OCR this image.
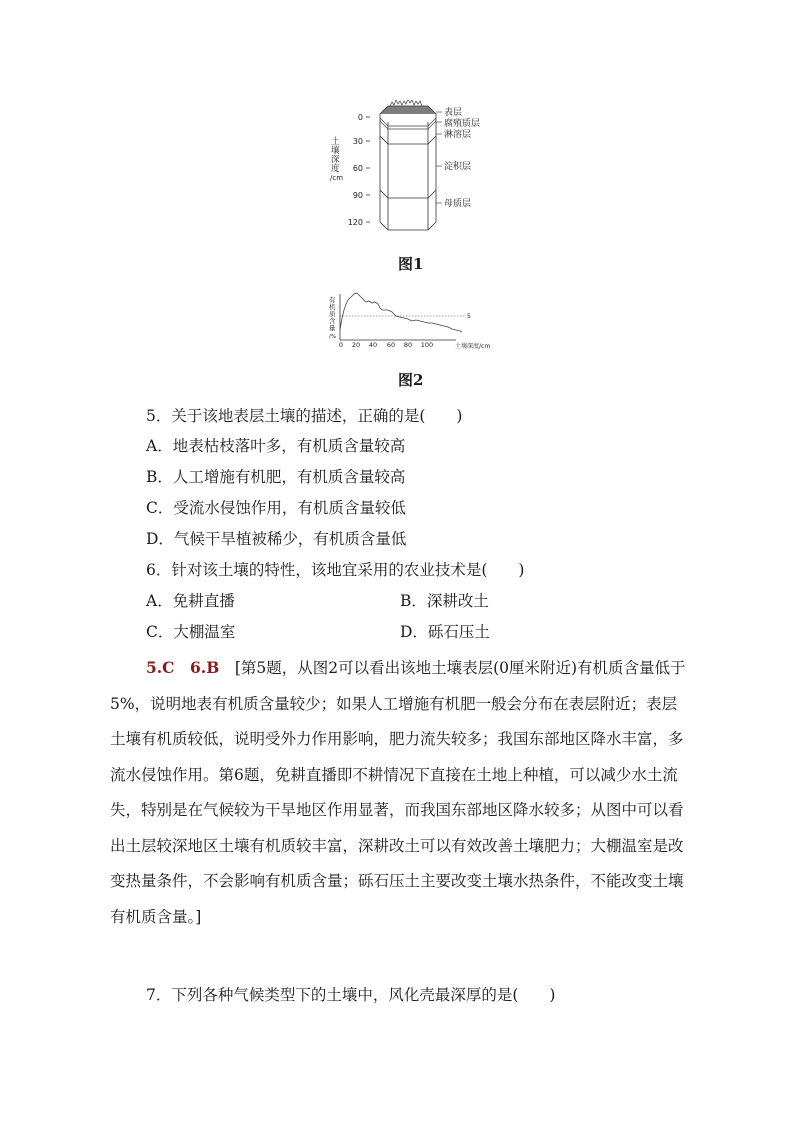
土
壤
深
度
/cm
0
30
60
90
120
表层
腐殖质层
淋溶层
淀积层
母质层
图1
有
机
质
含
量
/%
5
0 20 40 60 80 100	土壤深度/cm
图2
5．关于该地表层土壤的描述，正确的是(　　)
A．地表枯枝落叶多，有机质含量较高
B．人工增施有机肥，有机质含量较高
C．受流水侵蚀作用，有机质含量较低
D．气候干旱植被稀少，有机质含量低
6．针对该土壤的特性，该地宜采用的农业技术是(　　)
A．免耕直播	B．深耕改土
C．大棚温室	D．砾石压土
5.C　6.B　[第5题，从图2可以看出该地土壤表层(0厘米附近)有机质含量低于5%，说明地表有机质含量较少；如果人工增施有机肥一般会分布在表层附近；表层土壤有机质较低，说明受外力作用影响，肥力流失较多；我国东部地区降水丰富，多流水侵蚀作用。第6题，免耕直播即不耕情况下直接在土地上种植，可以减少水土流失，特别是在气候较为干旱地区作用显著，而我国东部地区降水较多；从图中可以看出土层较深地区土壤有机质较丰富，深耕改土可以有效改善土壤肥力；大棚温室是改变热量条件，不会影响有机质含量；砾石压土主要改变土壤水热条件，不能改变土壤有机质含量。]
7．下列各种气候类型下的土壤中，风化壳最深厚的是(　　)
